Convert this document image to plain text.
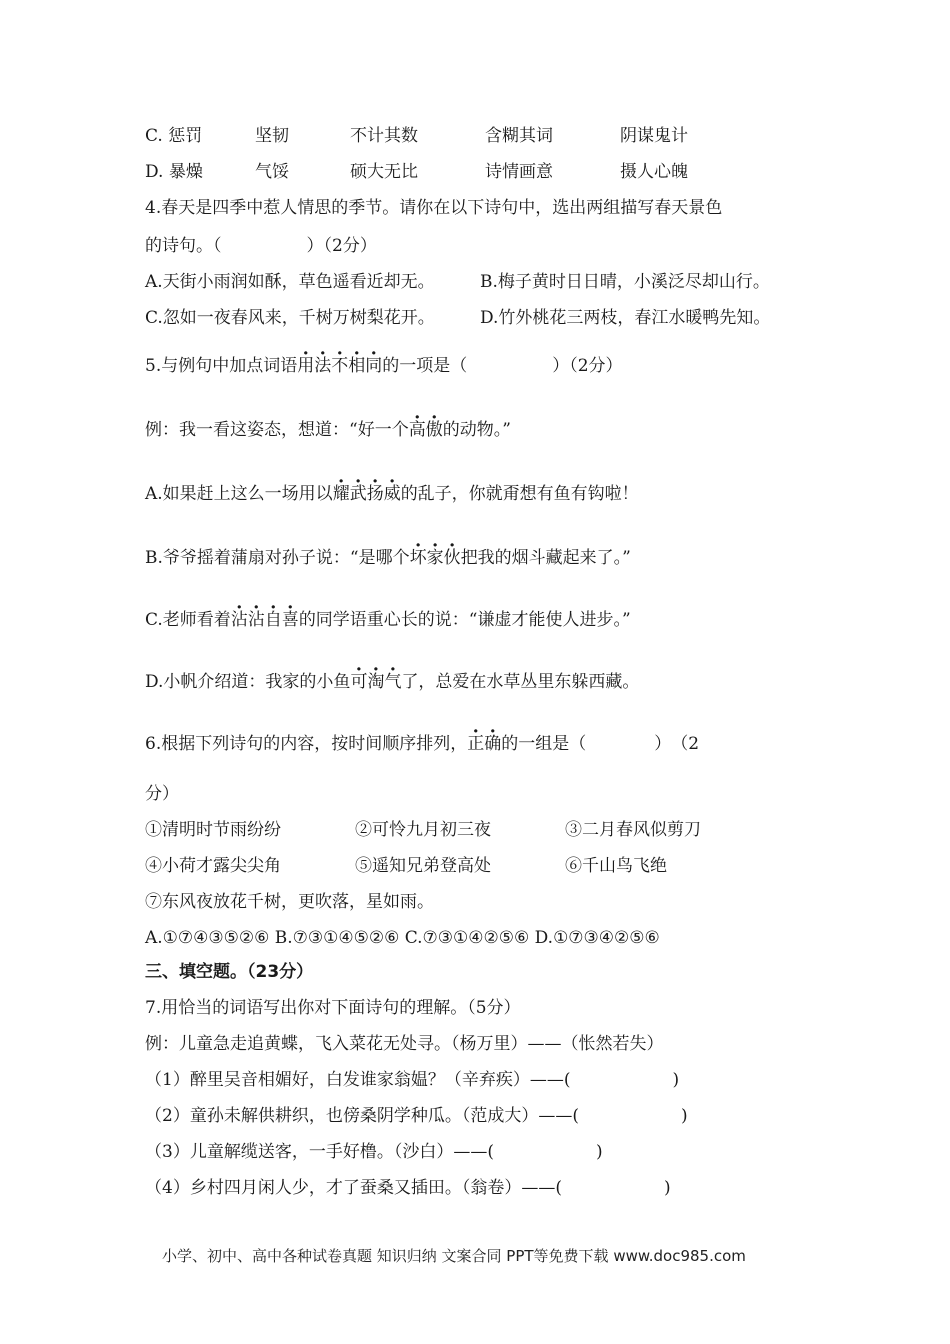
C. 惩罚	坚韧	不计其数	含糊其词	阴谋鬼计
D. 暴燥	气馁	硕大无比	诗情画意	摄人心魄
4.春天是四季中惹人情思的季节。请你在以下诗句中，选出两组描写春天景色
的诗句。（　　　　　）（2分）
A.天街小雨润如酥，草色遥看近却无。	B.梅子黄时日日晴，小溪泛尽却山行。
C.忽如一夜春风来，千树万树梨花开。	D.竹外桃花三两枝，春江水暖鸭先知。
5.与例句中加点词语用法不相同的一项是（　　　　　）（2分）
例：我一看这姿态，想道：“好一个高傲的动物。”
A.如果赶上这么一场用以耀武扬威的乱子，你就甭想有鱼有钩啦！
B.爷爷摇着蒲扇对孙子说：“是哪个坏家伙把我的烟斗藏起来了。”
C.老师看着沾沾自喜的同学语重心长的说：“谦虚才能使人进步。”
D.小帆介绍道：我家的小鱼可淘气了，总爱在水草丛里东躲西藏。
6.根据下列诗句的内容，按时间顺序排列，正确的一组是（　　　　）　（2
分）
①清明时节雨纷纷	②可怜九月初三夜	③二月春风似剪刀
④小荷才露尖尖角	⑤遥知兄弟登高处	⑥千山鸟飞绝
⑦东风夜放花千树，更吹落，星如雨。
A.①⑦④③⑤②⑥ B.⑦③①④⑤②⑥ C.⑦③①④②⑤⑥ D.①⑦③④②⑤⑥
三、填空题。（23分）
7.用恰当的词语写出你对下面诗句的理解。（5分）
例：儿童急走追黄蝶，飞入菜花无处寻。（杨万里）——（怅然若失）
（1）醉里吴音相媚好，白发谁家翁媪？（辛弃疾）——(　　　　　　)
（2）童孙未解供耕织，也傍桑阴学种瓜。（范成大）——(　　　　　　)
（3）儿童解缆送客，一手好橹。（沙白）——(　　　　　　)
（4）乡村四月闲人少，才了蚕桑又插田。（翁卷）——(　　　　　　)
小学、初中、高中各种试卷真题 知识归纳 文案合同 PPT等免费下载 www.doc985.com
